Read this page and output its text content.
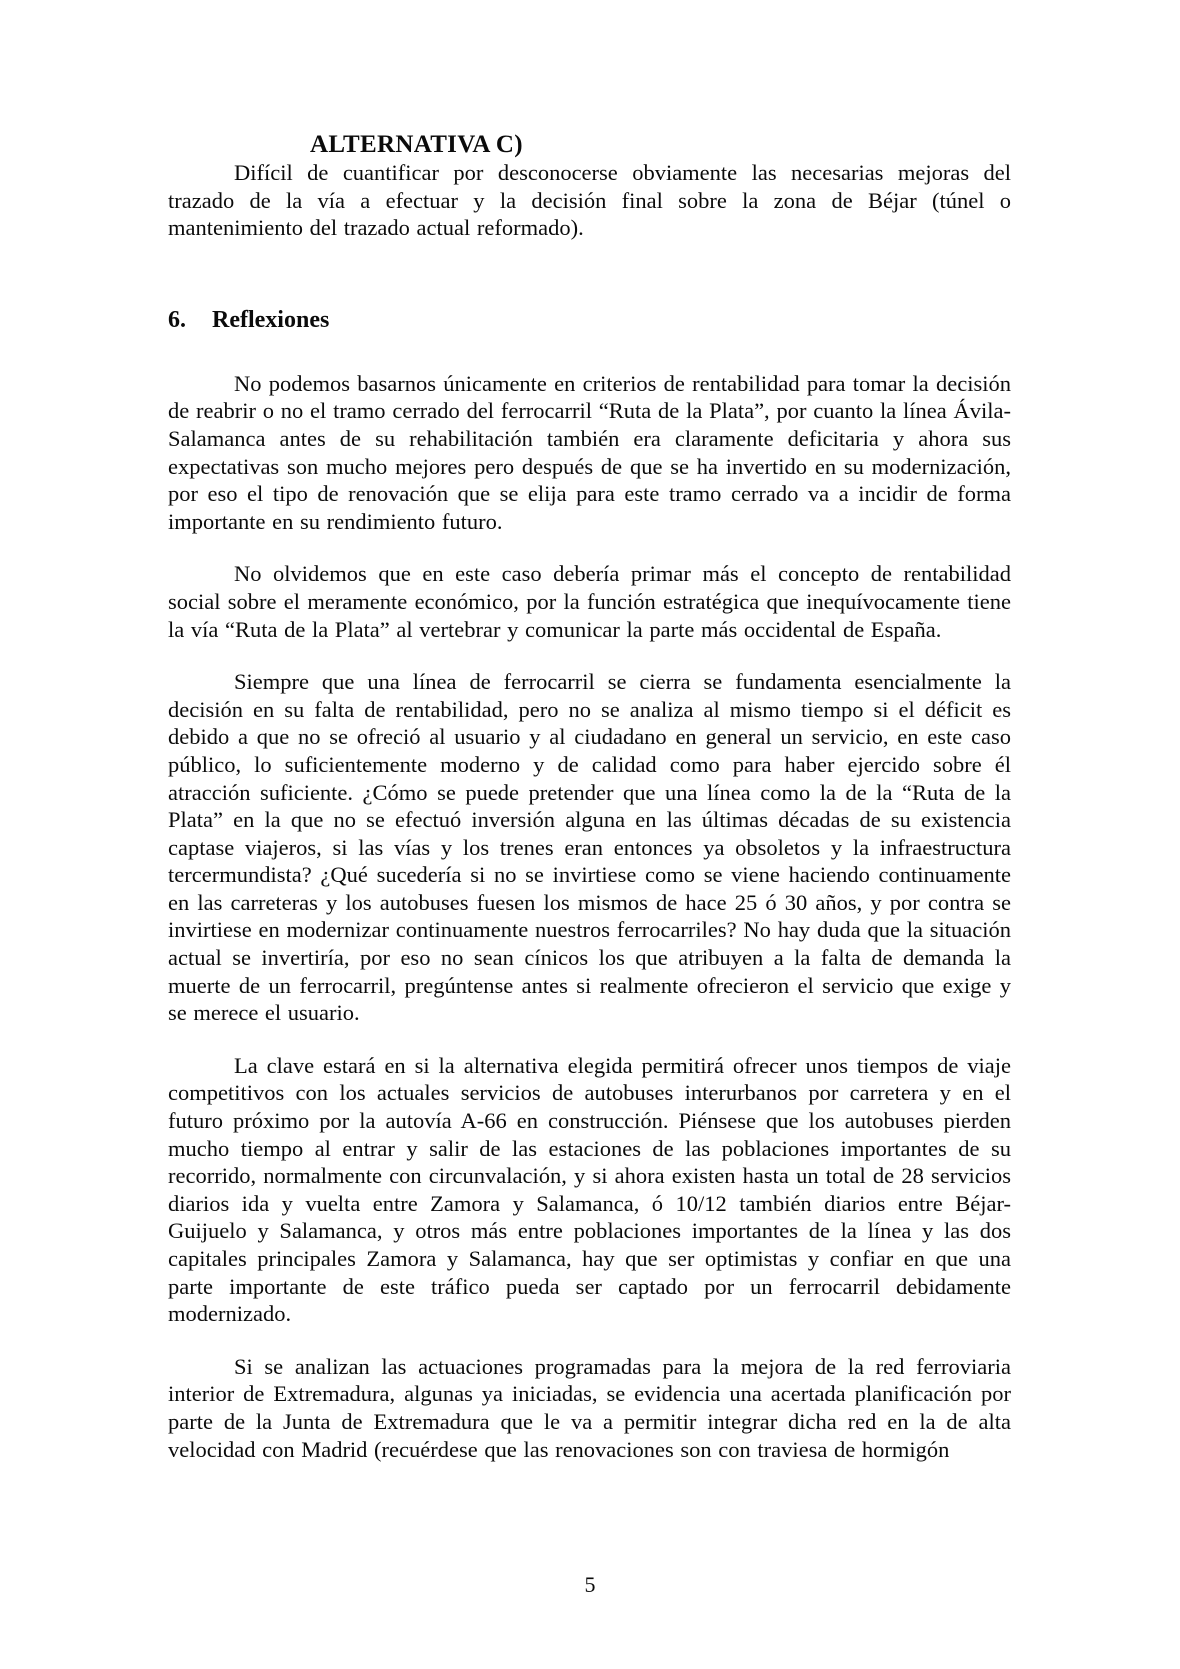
ALTERNATIVA C)

Difícil de cuantificar por desconocerse obviamente las necesarias mejoras del trazado de la vía a efectuar y la decisión final sobre la zona de Béjar (túnel o mantenimiento del trazado actual reformado).

6. Reflexiones

No podemos basarnos únicamente en criterios de rentabilidad para tomar la decisión de reabrir o no el tramo cerrado del ferrocarril “Ruta de la Plata”, por cuanto la línea Ávila-Salamanca antes de su rehabilitación también era claramente deficitaria y ahora sus expectativas son mucho mejores pero después de que se ha invertido en su modernización, por eso el tipo de renovación que se elija para este tramo cerrado va a incidir de forma importante en su rendimiento futuro.

No olvidemos que en este caso debería primar más el concepto de rentabilidad social sobre el meramente económico, por la función estratégica que inequívocamente tiene la vía “Ruta de la Plata” al vertebrar y comunicar la parte más occidental de España.

Siempre que una línea de ferrocarril se cierra se fundamenta esencialmente la decisión en su falta de rentabilidad, pero no se analiza al mismo tiempo si el déficit es debido a que no se ofreció al usuario y al ciudadano en general un servicio, en este caso público, lo suficientemente moderno y de calidad como para haber ejercido sobre él atracción suficiente. ¿Cómo se puede pretender que una línea como la de la “Ruta de la Plata” en la que no se efectuó inversión alguna en las últimas décadas de su existencia captase viajeros, si las vías y los trenes eran entonces ya obsoletos y la infraestructura tercermundista? ¿Qué sucedería si no se invirtiese como se viene haciendo continuamente en las carreteras y los autobuses fuesen los mismos de hace 25 ó 30 años, y por contra se invirtiese en modernizar continuamente nuestros ferrocarriles? No hay duda que la situación actual se invertiría, por eso no sean cínicos los que atribuyen a la falta de demanda la muerte de un ferrocarril, pregúntense antes si realmente ofrecieron el servicio que exige y se merece el usuario.

La clave estará en si la alternativa elegida permitirá ofrecer unos tiempos de viaje competitivos con los actuales servicios de autobuses interurbanos por carretera y en el futuro próximo por la autovía A-66 en construcción. Piénsese que los autobuses pierden mucho tiempo al entrar y salir de las estaciones de las poblaciones importantes de su recorrido, normalmente con circunvalación, y si ahora existen hasta un total de 28 servicios diarios ida y vuelta entre Zamora y Salamanca, ó 10/12 también diarios entre Béjar-Guijuelo y Salamanca, y otros más entre poblaciones importantes de la línea y las dos capitales principales Zamora y Salamanca, hay que ser optimistas y confiar en que una parte importante de este tráfico pueda ser captado por un ferrocarril debidamente modernizado.

Si se analizan las actuaciones programadas para la mejora de la red ferroviaria interior de Extremadura, algunas ya iniciadas, se evidencia una acertada planificación por parte de la Junta de Extremadura que le va a permitir integrar dicha red en la de alta velocidad con Madrid (recuérdese que las renovaciones son con traviesa de hormigón

5
